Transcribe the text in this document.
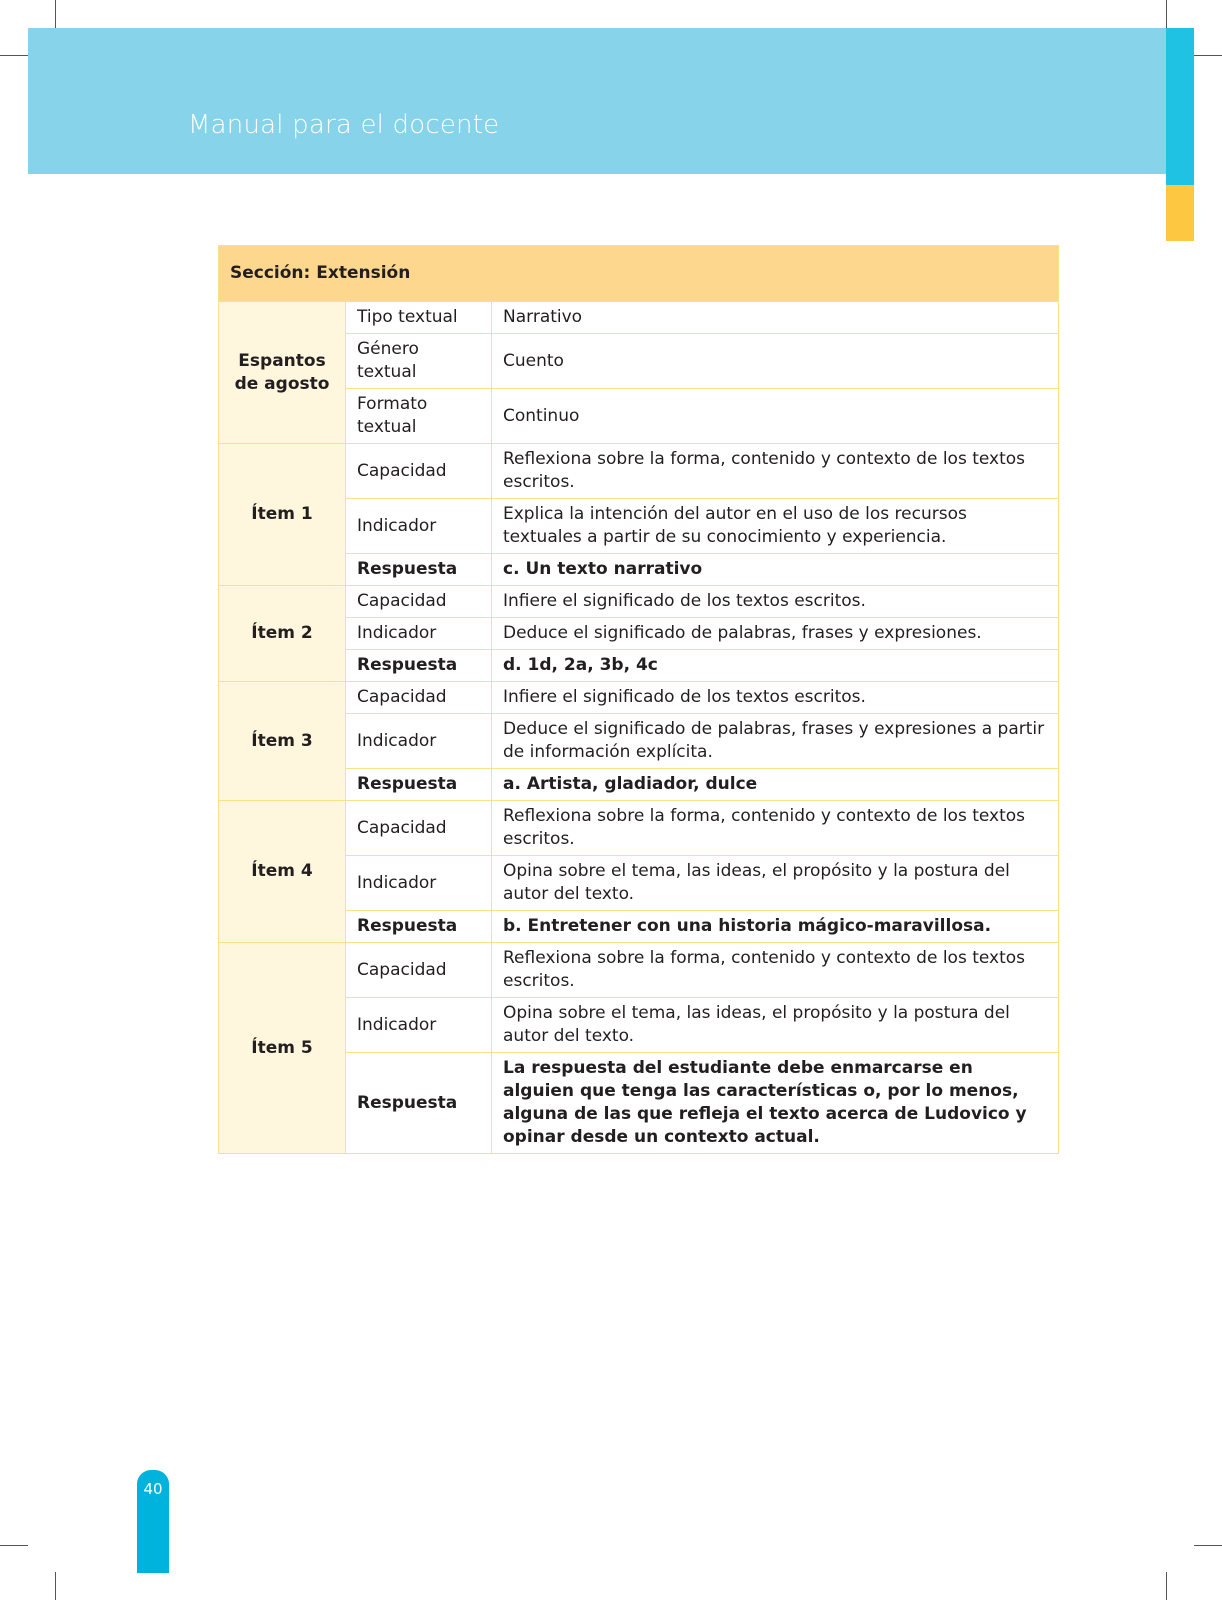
Manual para el docente
Sección: Extensión		
Espantos de agosto	Tipo textual	Narrativo
	Género textual	Cuento
	Formato textual	Continuo
Ítem 1	Capacidad	Reflexiona sobre la forma, contenido y contexto de los textos escritos.
	Indicador	Explica la intención del autor en el uso de los recursos textuales a partir de su conocimiento y experiencia.
	Respuesta	c. Un texto narrativo
Ítem 2	Capacidad	Infiere el significado de los textos escritos.
	Indicador	Deduce el significado de palabras, frases y expresiones.
	Respuesta	d. 1d, 2a, 3b, 4c
Ítem 3	Capacidad	Infiere el significado de los textos escritos.
	Indicador	Deduce el significado de palabras, frases y expresiones a partir de información explícita.
	Respuesta	a. Artista, gladiador, dulce
Ítem 4	Capacidad	Reflexiona sobre la forma, contenido y contexto de los textos escritos.
	Indicador	Opina sobre el tema, las ideas, el propósito y la postura del autor del texto.
	Respuesta	b. Entretener con una historia mágico-maravillosa.
Ítem 5	Capacidad	Reflexiona sobre la forma, contenido y contexto de los textos escritos.
	Indicador	Opina sobre el tema, las ideas, el propósito y la postura del autor del texto.
	Respuesta	La respuesta del estudiante debe enmarcarse en alguien que tenga las características o, por lo menos, alguna de las que refleja el texto acerca de Ludovico y opinar desde un contexto actual.
40
